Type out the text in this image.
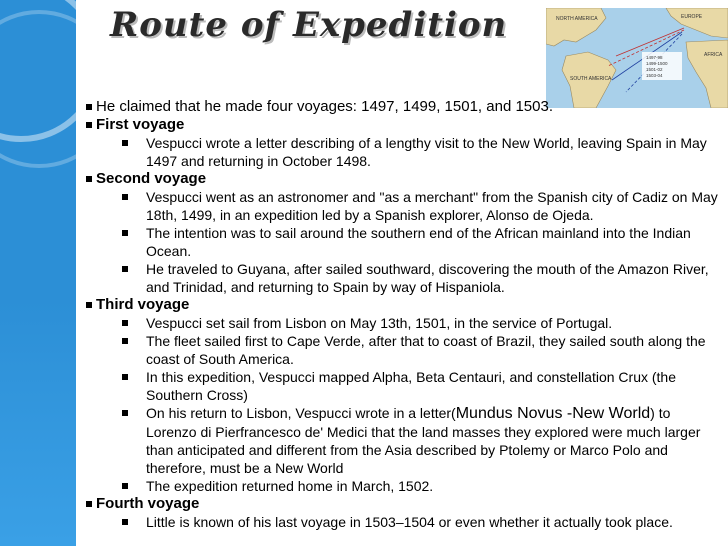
Route of Expedition	NORTH AMERICA	EUROPE
AFRICA
SOUTH AMERICA
1497-98
1499-1500
1501-02
1503-04

He claimed that he made four voyages: 1497, 1499, 1501, and 1503.

First voyage

Vespucci wrote a letter describing of a lengthy visit to the New World, leaving Spain in May 1497 and returning in October 1498.

Second voyage

Vespucci went as an astronomer and "as a merchant" from the Spanish city of Cadiz on May 18th, 1499, in an expedition led by a Spanish explorer, Alonso de Ojeda.

The intention was to sail around the southern end of the African mainland into the Indian Ocean.

He traveled to Guyana, after sailed southward, discovering the mouth of the Amazon River, and Trinidad, and returning to Spain by way of Hispaniola.

Third voyage

Vespucci set sail from Lisbon on May 13th, 1501, in the service of Portugal.

The fleet sailed first to Cape Verde, after that to coast of Brazil, they sailed south along the coast of South America.

In this expedition, Vespucci mapped Alpha, Beta Centauri, and constellation Crux (the Southern Cross)

On his return to Lisbon, Vespucci wrote in a letter(Mundus Novus -New World) to Lorenzo di Pierfrancesco de' Medici that the land masses they explored were much larger than anticipated and different from the Asia described by Ptolemy or Marco Polo and therefore, must be a New World

The expedition returned home in March, 1502.

Fourth voyage

Little is known of his last voyage in 1503–1504 or even whether it actually took place.
